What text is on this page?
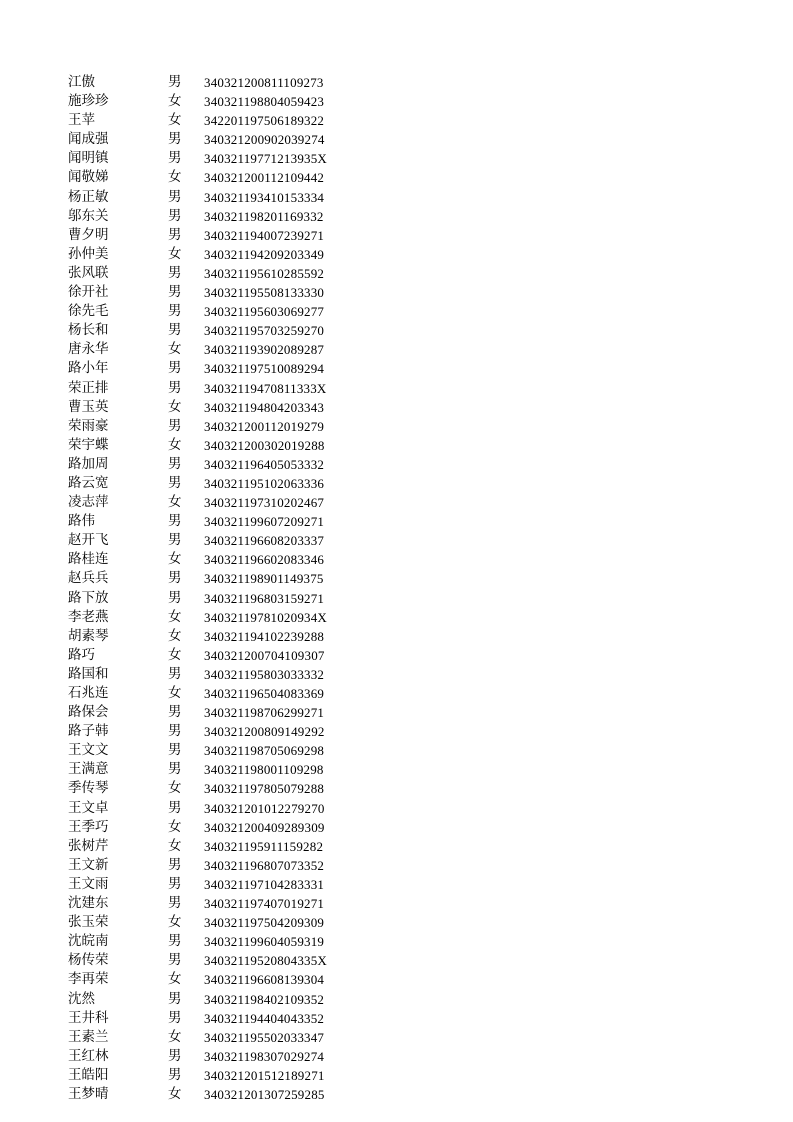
江傲	男 340321200811109273
施珍珍	女 340321198804059423
王苹	女 342201197506189322
闻成强	男 340321200902039274
闻明镇	男 34032119771213935X
闻敬娣	女 340321200112109442
杨正敏	男 340321193410153334
邬东关	男 340321198201169332
曹夕明	男 340321194007239271
孙仲美	女 340321194209203349
张风联	男 340321195610285592
徐开社	男 340321195508133330
徐先毛	男 340321195603069277
杨长和	男 340321195703259270
唐永华	女 340321193902089287
路小年	男 340321197510089294
荣正排	男 34032119470811333X
曹玉英	女 340321194804203343
荣雨豪	男 340321200112019279
荣宇蝶	女 340321200302019288
路加周	男 340321196405053332
路云宽	男 340321195102063336
凌志萍	女 340321197310202467
路伟	男 340321199607209271
赵开飞	男 340321196608203337
路桂连	女 340321196602083346
赵兵兵	男 340321198901149375
路下放	男 340321196803159271
李老燕	女 34032119781020934X
胡素琴	女 340321194102239288
路巧	女 340321200704109307
路国和	男 340321195803033332
石兆连	女 340321196504083369
路保会	男 340321198706299271
路子韩	男 340321200809149292
王文文	男 340321198705069298
王满意	男 340321198001109298
季传琴	女 340321197805079288
王文卓	男 340321201012279270
王季巧	女 340321200409289309
张树芹	女 340321195911159282
王文新	男 340321196807073352
王文雨	男 340321197104283331
沈建东	男 340321197407019271
张玉荣	女 340321197504209309
沈皖南	男 340321199604059319
杨传荣	男 34032119520804335X
李再荣	女 340321196608139304
沈然	男 340321198402109352
王井科	男 340321194404043352
王素兰	女 340321195502033347
王红林	男 340321198307029274
王皓阳	男 340321201512189271
王梦晴	女 340321201307259285
